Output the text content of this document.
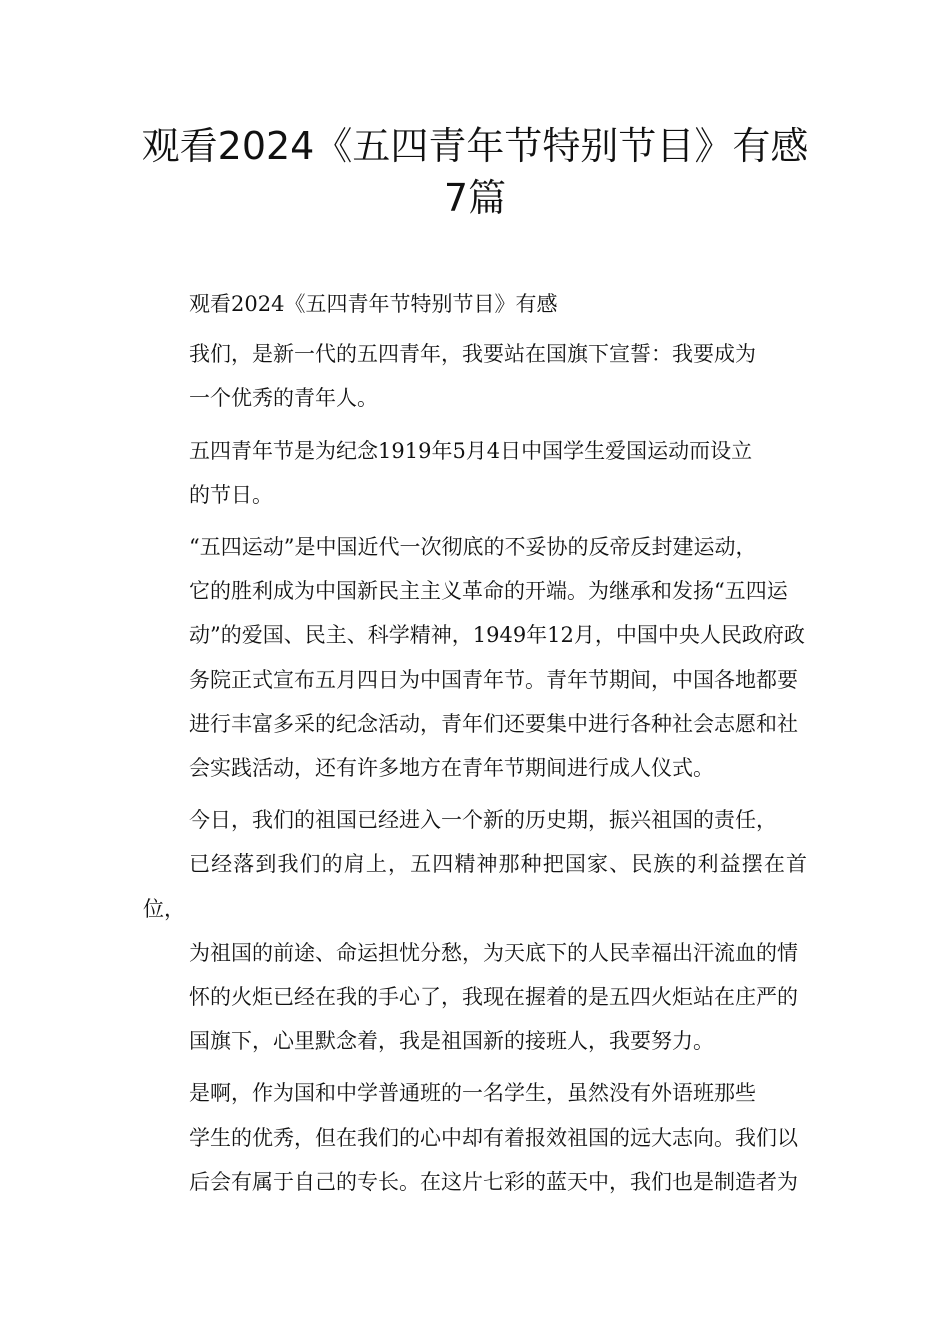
观看2024《五四青年节特别节目》有感
7篇

观看2024《五四青年节特别节目》有感

我们，是新一代的五四青年，我要站在国旗下宣誓：我要成为
一个优秀的青年人。

五四青年节是为纪念1919年5月4日中国学生爱国运动而设立
的节日。

“五四运动”是中国近代一次彻底的不妥协的反帝反封建运动，
它的胜利成为中国新民主主义革命的开端。为继承和发扬“五四运
动”的爱国、民主、科学精神，1949年12月，中国中央人民政府政
务院正式宣布五月四日为中国青年节。青年节期间，中国各地都要
进行丰富多采的纪念活动，青年们还要集中进行各种社会志愿和社
会实践活动，还有许多地方在青年节期间进行成人仪式。

今日，我们的祖国已经进入一个新的历史期，振兴祖国的责任，
已经落到我们的肩上，五四精神那种把国家、民族的利益摆在首位，
为祖国的前途、命运担忧分愁，为天底下的人民幸福出汗流血的情
怀的火炬已经在我的手心了，我现在握着的是五四火炬站在庄严的
国旗下，心里默念着，我是祖国新的接班人，我要努力。

是啊，作为国和中学普通班的一名学生，虽然没有外语班那些
学生的优秀，但在我们的心中却有着报效祖国的远大志向。我们以
后会有属于自己的专长。在这片七彩的蓝天中，我们也是制造者为
